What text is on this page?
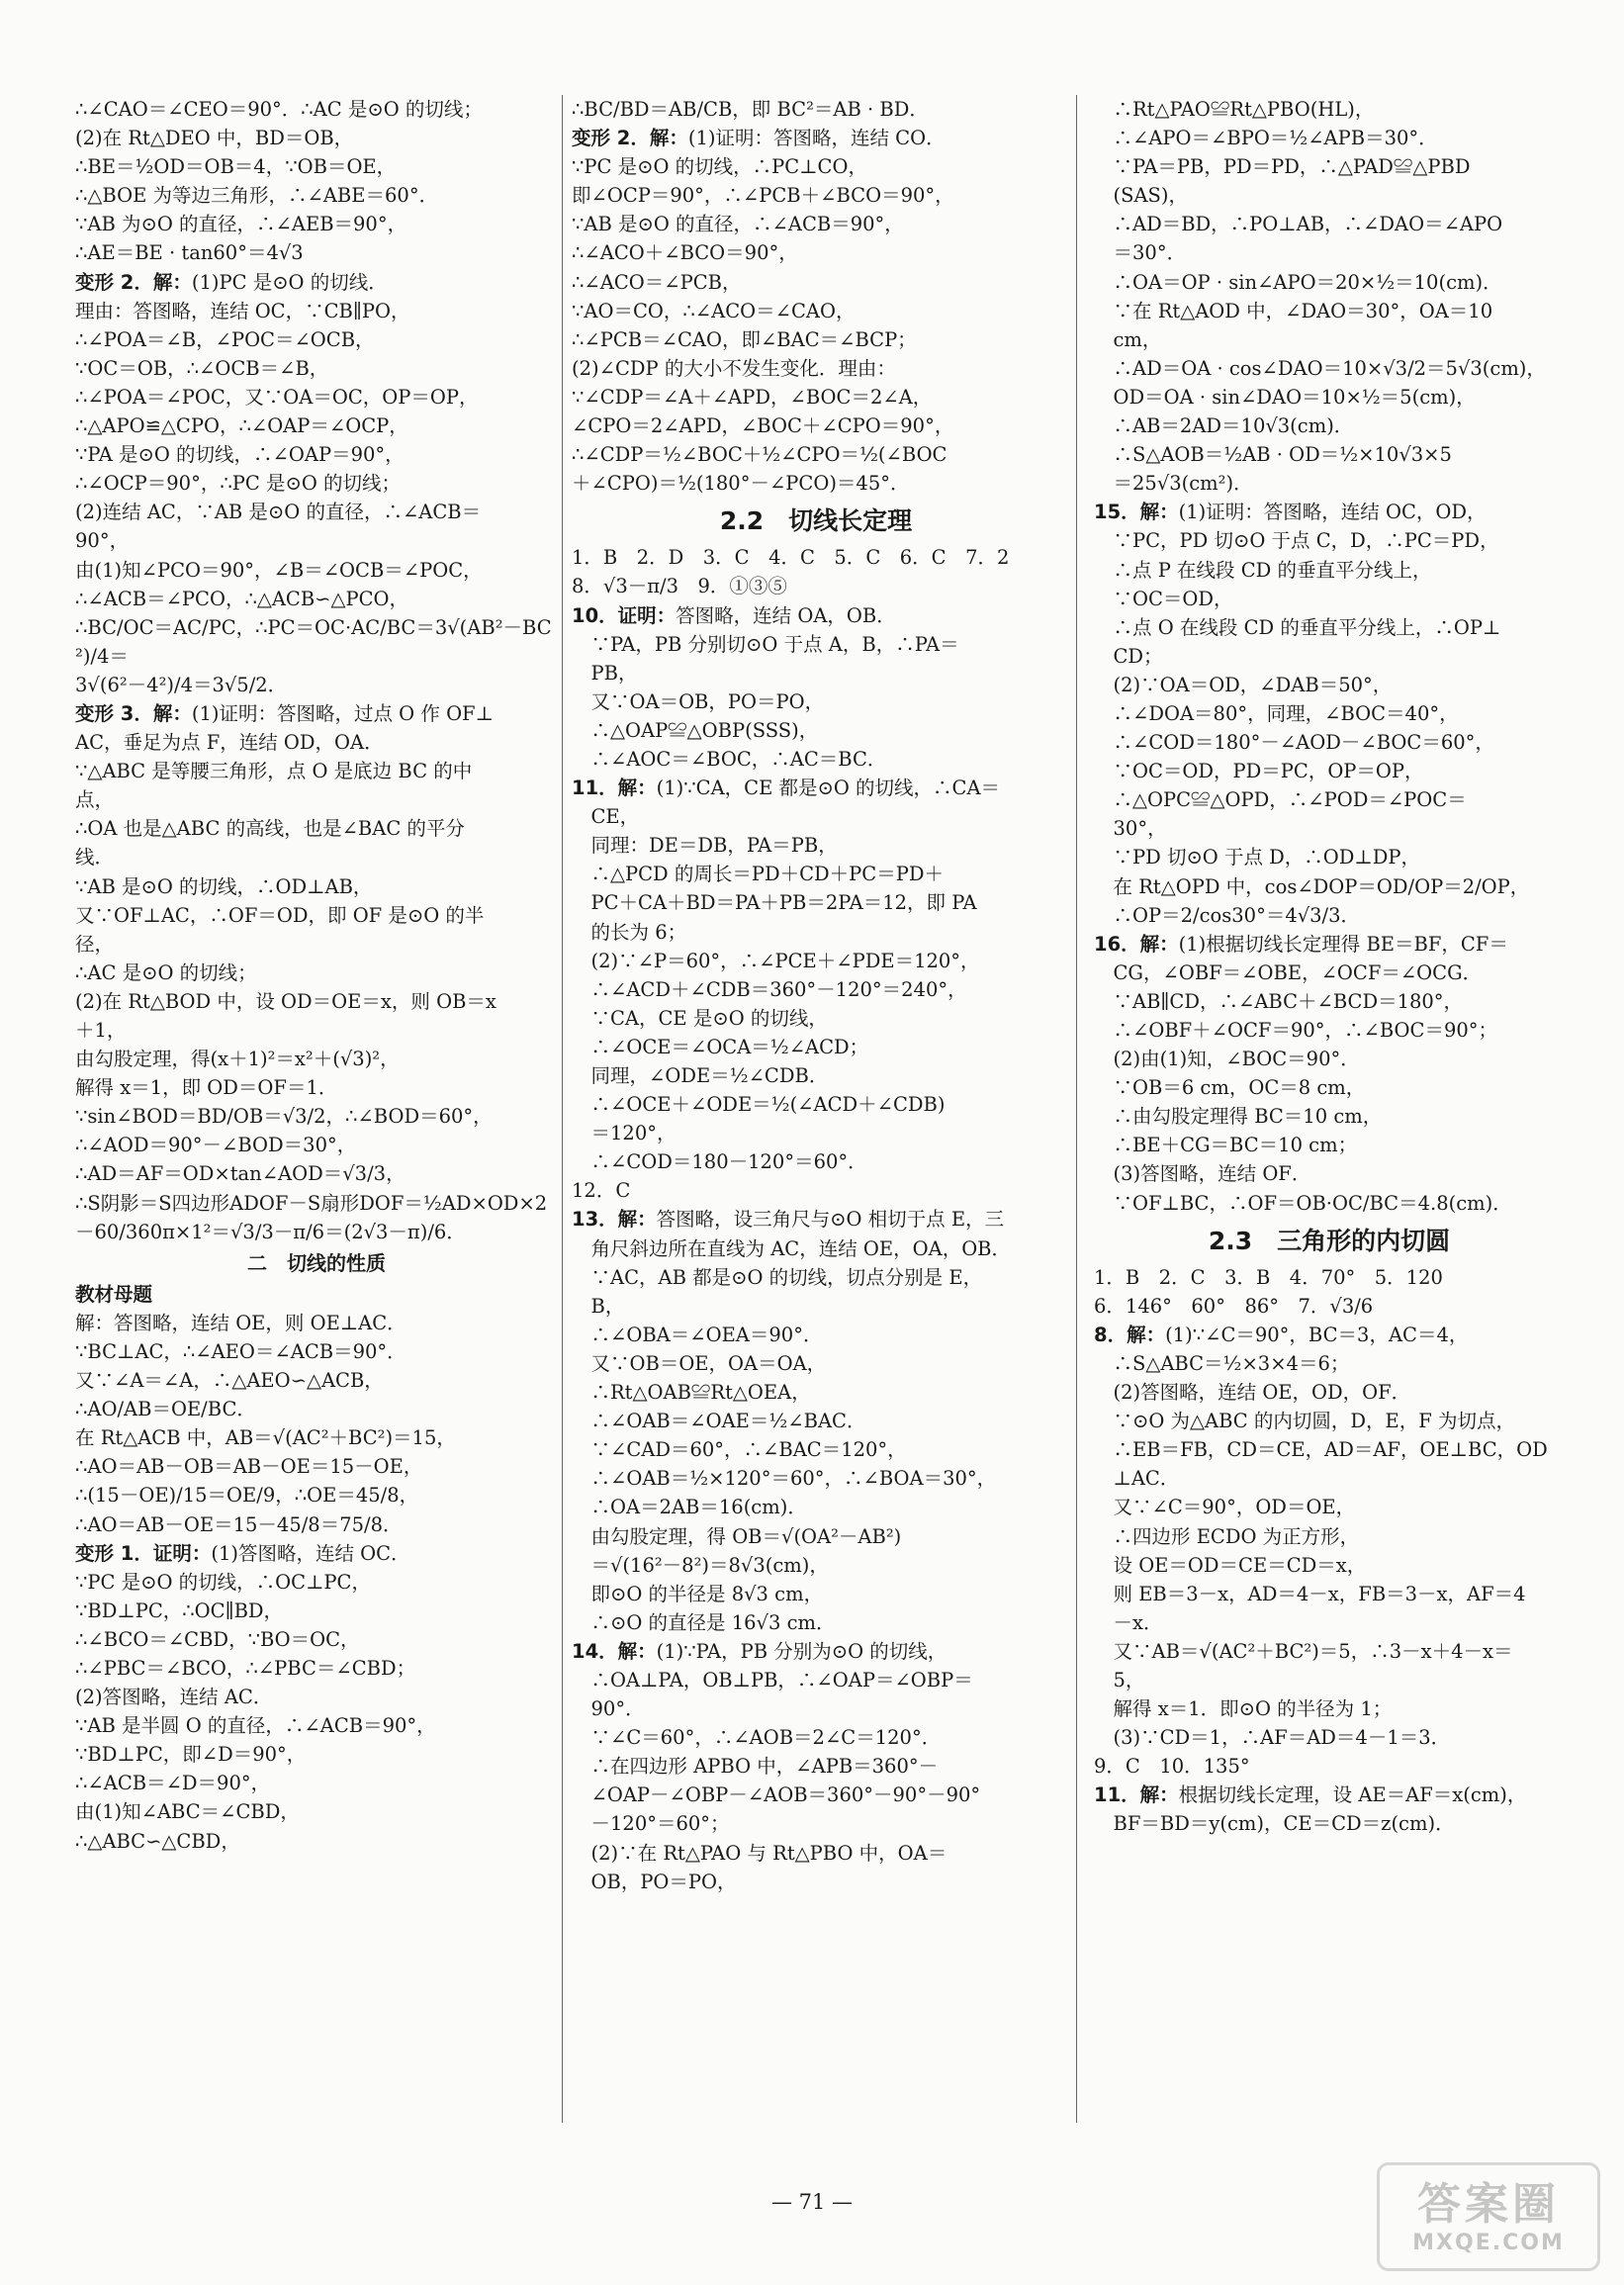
∴∠CAO＝∠CEO＝90°．∴AC 是⊙O 的切线；
(2)在 Rt△DEO 中，BD＝OB，
∴BE＝½OD＝OB＝4，∵OB＝OE，
∴△BOE 为等边三角形，∴∠ABE＝60°．
∵AB 为⊙O 的直径，∴∠AEB＝90°，
∴AE＝BE · tan60°＝4√3
变形 2．解：(1)PC 是⊙O 的切线．
理由：答图略，连结 OC，∵CB∥PO，
∴∠POA＝∠B，∠POC＝∠OCB，
∵OC＝OB，∴∠OCB＝∠B，
∴∠POA＝∠POC，又∵OA＝OC，OP＝OP，
∴△APO≌△CPO，∴∠OAP＝∠OCP，
∵PA 是⊙O 的切线，∴∠OAP＝90°，
∴∠OCP＝90°，∴PC 是⊙O 的切线；
(2)连结 AC，∵AB 是⊙O 的直径，∴∠ACB＝
90°，
由(1)知∠PCO＝90°，∠B＝∠OCB＝∠POC，
∴∠ACB＝∠PCO，∴△ACB∽△PCO，
∴BC/OC＝AC/PC，∴PC＝OC·AC/BC＝3√(AB²－BC²)/4＝
3√(6²－4²)/4＝3√5/2．
变形 3．解：(1)证明：答图略，过点 O 作 OF⊥
AC，垂足为点 F，连结 OD，OA．
∵△ABC 是等腰三角形，点 O 是底边 BC 的中
点，
∴OA 也是△ABC 的高线，也是∠BAC 的平分
线．
∵AB 是⊙O 的切线，∴OD⊥AB，
又∵OF⊥AC，∴OF＝OD，即 OF 是⊙O 的半
径，
∴AC 是⊙O 的切线；
(2)在 Rt△BOD 中，设 OD＝OE＝x，则 OB＝x
＋1，
由勾股定理，得(x＋1)²＝x²＋(√3)²，
解得 x＝1，即 OD＝OF＝1．
∵sin∠BOD＝BD/OB＝√3/2，∴∠BOD＝60°，
∴∠AOD＝90°－∠BOD＝30°，
∴AD＝AF＝OD×tan∠AOD＝√3/3，
∴S阴影＝S四边形ADOF－S扇形DOF＝½AD×OD×2
－60/360π×1²＝√3/3－π/6＝(2√3－π)/6．
二　切线的性质
教材母题
解：答图略，连结 OE，则 OE⊥AC．
∵BC⊥AC，∴∠AEO＝∠ACB＝90°．
又∵∠A＝∠A，∴△AEO∽△ACB，
∴AO/AB＝OE/BC．
在 Rt△ACB 中，AB＝√(AC²＋BC²)＝15，
∴AO＝AB－OB＝AB－OE＝15－OE，
∴(15－OE)/15＝OE/9，∴OE＝45/8，
∴AO＝AB－OE＝15－45/8＝75/8．
变形 1．证明：(1)答图略，连结 OC．
∵PC 是⊙O 的切线，∴OC⊥PC，
∵BD⊥PC，∴OC∥BD，
∴∠BCO＝∠CBD，∵BO＝OC，
∴∠PBC＝∠BCO，∴∠PBC＝∠CBD；
(2)答图略，连结 AC．
∵AB 是半圆 O 的直径，∴∠ACB＝90°，
∵BD⊥PC，即∠D＝90°，
∴∠ACB＝∠D＝90°，
由(1)知∠ABC＝∠CBD，
∴△ABC∽△CBD，
∴BC/BD＝AB/CB，即 BC²＝AB · BD．
变形 2．解：(1)证明：答图略，连结 CO．
∵PC 是⊙O 的切线，∴PC⊥CO，
即∠OCP＝90°，∴∠PCB＋∠BCO＝90°，
∵AB 是⊙O 的直径，∴∠ACB＝90°，
∴∠ACO＋∠BCO＝90°，
∴∠ACO＝∠PCB，
∵AO＝CO，∴∠ACO＝∠CAO，
∴∠PCB＝∠CAO，即∠BAC＝∠BCP；
(2)∠CDP 的大小不发生变化．理由：
∵∠CDP＝∠A＋∠APD，∠BOC＝2∠A，
∠CPO＝2∠APD，∠BOC＋∠CPO＝90°，
∴∠CDP＝½∠BOC＋½∠CPO＝½(∠BOC
＋∠CPO)＝½(180°－∠PCO)＝45°．
2.2　切线长定理
1．B　2．D　3．C　4．C　5．C　6．C　7．2
8．√3－π/3　9．①③⑤
10．证明：答图略，连结 OA，OB．
　∵PA，PB 分别切⊙O 于点 A，B，∴PA＝
　PB，
　又∵OA＝OB，PO＝PO，
　∴△OAP≌△OBP(SSS)，
　∴∠AOC＝∠BOC，∴AC＝BC．
11．解：(1)∵CA，CE 都是⊙O 的切线，∴CA＝
　CE，
　同理：DE＝DB，PA＝PB，
　∴△PCD 的周长＝PD＋CD＋PC＝PD＋
　PC＋CA＋BD＝PA＋PB＝2PA＝12，即 PA
　的长为 6；
　(2)∵∠P＝60°，∴∠PCE＋∠PDE＝120°，
　∴∠ACD＋∠CDB＝360°－120°＝240°，
　∵CA，CE 是⊙O 的切线，
　∴∠OCE＝∠OCA＝½∠ACD；
　同理，∠ODE＝½∠CDB．
　∴∠OCE＋∠ODE＝½(∠ACD＋∠CDB)
　＝120°，
　∴∠COD＝180－120°＝60°．
12．C
13．解：答图略，设三角尺与⊙O 相切于点 E，三
　角尺斜边所在直线为 AC，连结 OE，OA，OB．
　∵AC，AB 都是⊙O 的切线，切点分别是 E，
　B，
　∴∠OBA＝∠OEA＝90°．
　又∵OB＝OE，OA＝OA，
　∴Rt△OAB≌Rt△OEA，
　∴∠OAB＝∠OAE＝½∠BAC．
　∵∠CAD＝60°，∴∠BAC＝120°，
　∴∠OAB＝½×120°＝60°，∴∠BOA＝30°，
　∴OA＝2AB＝16(cm)．
　由勾股定理，得 OB＝√(OA²－AB²)
　＝√(16²－8²)＝8√3(cm)，
　即⊙O 的半径是 8√3 cm，
　∴⊙O 的直径是 16√3 cm．
14．解：(1)∵PA，PB 分别为⊙O 的切线，
　∴OA⊥PA，OB⊥PB，∴∠OAP＝∠OBP＝
　90°．
　∵∠C＝60°，∴∠AOB＝2∠C＝120°．
　∴在四边形 APBO 中，∠APB＝360°－
　∠OAP－∠OBP－∠AOB＝360°－90°－90°
　－120°＝60°；
　(2)∵在 Rt△PAO 与 Rt△PBO 中，OA＝
　OB，PO＝PO，
　∴Rt△PAO≌Rt△PBO(HL)，
　∴∠APO＝∠BPO＝½∠APB＝30°．
　∵PA＝PB，PD＝PD，∴△PAD≌△PBD
　(SAS)，
　∴AD＝BD，∴PO⊥AB，∴∠DAO＝∠APO
　＝30°．
　∴OA＝OP · sin∠APO＝20×½＝10(cm)．
　∵在 Rt△AOD 中，∠DAO＝30°，OA＝10
　cm，
　∴AD＝OA · cos∠DAO＝10×√3/2＝5√3(cm)，
　OD＝OA · sin∠DAO＝10×½＝5(cm)，
　∴AB＝2AD＝10√3(cm)．
　∴S△AOB＝½AB · OD＝½×10√3×5
　＝25√3(cm²)．
15．解：(1)证明：答图略，连结 OC，OD，
　∵PC，PD 切⊙O 于点 C，D，∴PC＝PD，
　∴点 P 在线段 CD 的垂直平分线上，
　∵OC＝OD，
　∴点 O 在线段 CD 的垂直平分线上，∴OP⊥
　CD；
　(2)∵OA＝OD，∠DAB＝50°，
　∴∠DOA＝80°，同理，∠BOC＝40°，
　∴∠COD＝180°－∠AOD－∠BOC＝60°，
　∵OC＝OD，PD＝PC，OP＝OP，
　∴△OPC≌△OPD，∴∠POD＝∠POC＝
　30°，
　∵PD 切⊙O 于点 D，∴OD⊥DP，
　在 Rt△OPD 中，cos∠DOP＝OD/OP＝2/OP，
　∴OP＝2/cos30°＝4√3/3．
16．解：(1)根据切线长定理得 BE＝BF，CF＝
　CG，∠OBF＝∠OBE，∠OCF＝∠OCG．
　∵AB∥CD，∴∠ABC＋∠BCD＝180°，
　∴∠OBF＋∠OCF＝90°，∴∠BOC＝90°；
　(2)由(1)知，∠BOC＝90°．
　∵OB＝6 cm，OC＝8 cm，
　∴由勾股定理得 BC＝10 cm，
　∴BE＋CG＝BC＝10 cm；
　(3)答图略，连结 OF．
　∵OF⊥BC，∴OF＝OB·OC/BC＝4.8(cm)．
2.3　三角形的内切圆
1．B　2．C　3．B　4．70°　5．120
6．146°　60°　86°　7．√3/6
8．解：(1)∵∠C＝90°，BC＝3，AC＝4，
　∴S△ABC＝½×3×4＝6；
　(2)答图略，连结 OE，OD，OF．
　∵⊙O 为△ABC 的内切圆，D，E，F 为切点，
　∴EB＝FB，CD＝CE，AD＝AF，OE⊥BC，OD
　⊥AC．
　又∵∠C＝90°，OD＝OE，
　∴四边形 ECDO 为正方形，
　设 OE＝OD＝CE＝CD＝x，
　则 EB＝3－x，AD＝4－x，FB＝3－x，AF＝4
　－x．
　又∵AB＝√(AC²＋BC²)＝5，∴3－x＋4－x＝
　5，
　解得 x＝1．即⊙O 的半径为 1；
　(3)∵CD＝1，∴AF＝AD＝4－1＝3．
9．C　10．135°
11．解：根据切线长定理，设 AE＝AF＝x(cm)，
　BF＝BD＝y(cm)，CE＝CD＝z(cm)．
— 71 —	答案圈
MXQE.COM
